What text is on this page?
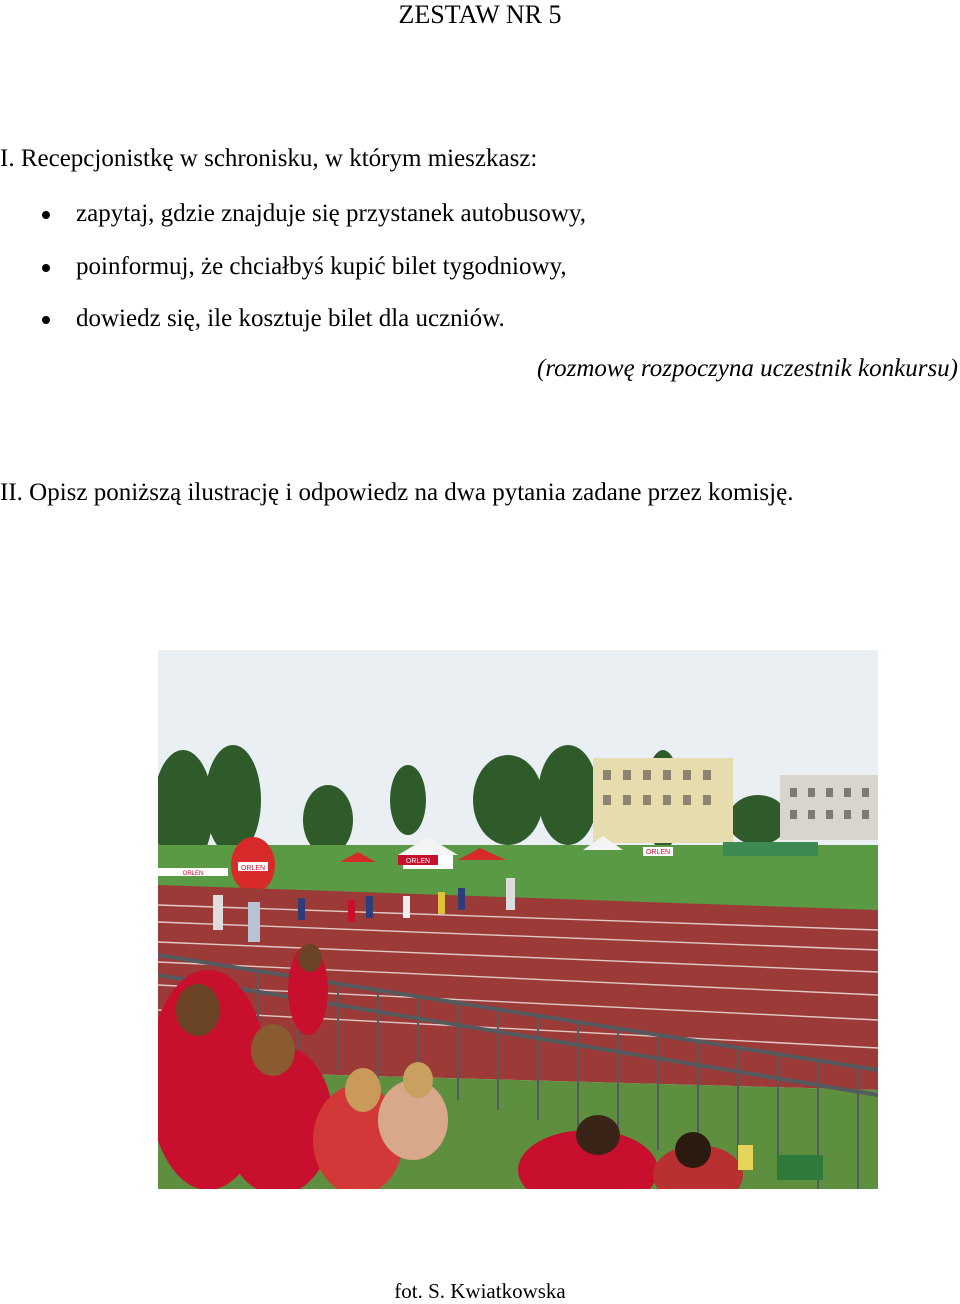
ZESTAW NR 5
I. Recepcjonistkę w schronisku, w którym mieszkasz:
zapytaj, gdzie znajduje się przystanek autobusowy,
poinformuj, że chciałbyś kupić bilet tygodniowy,
dowiedz się, ile kosztuje bilet dla uczniów.
(rozmowę rozpoczyna uczestnik konkursu)
II. Opisz poniższą ilustrację i odpowiedz na dwa pytania zadane przez komisję.
ORLEN
ORLEN
ORLEN
ORLEN
fot. S. Kwiatkowska
